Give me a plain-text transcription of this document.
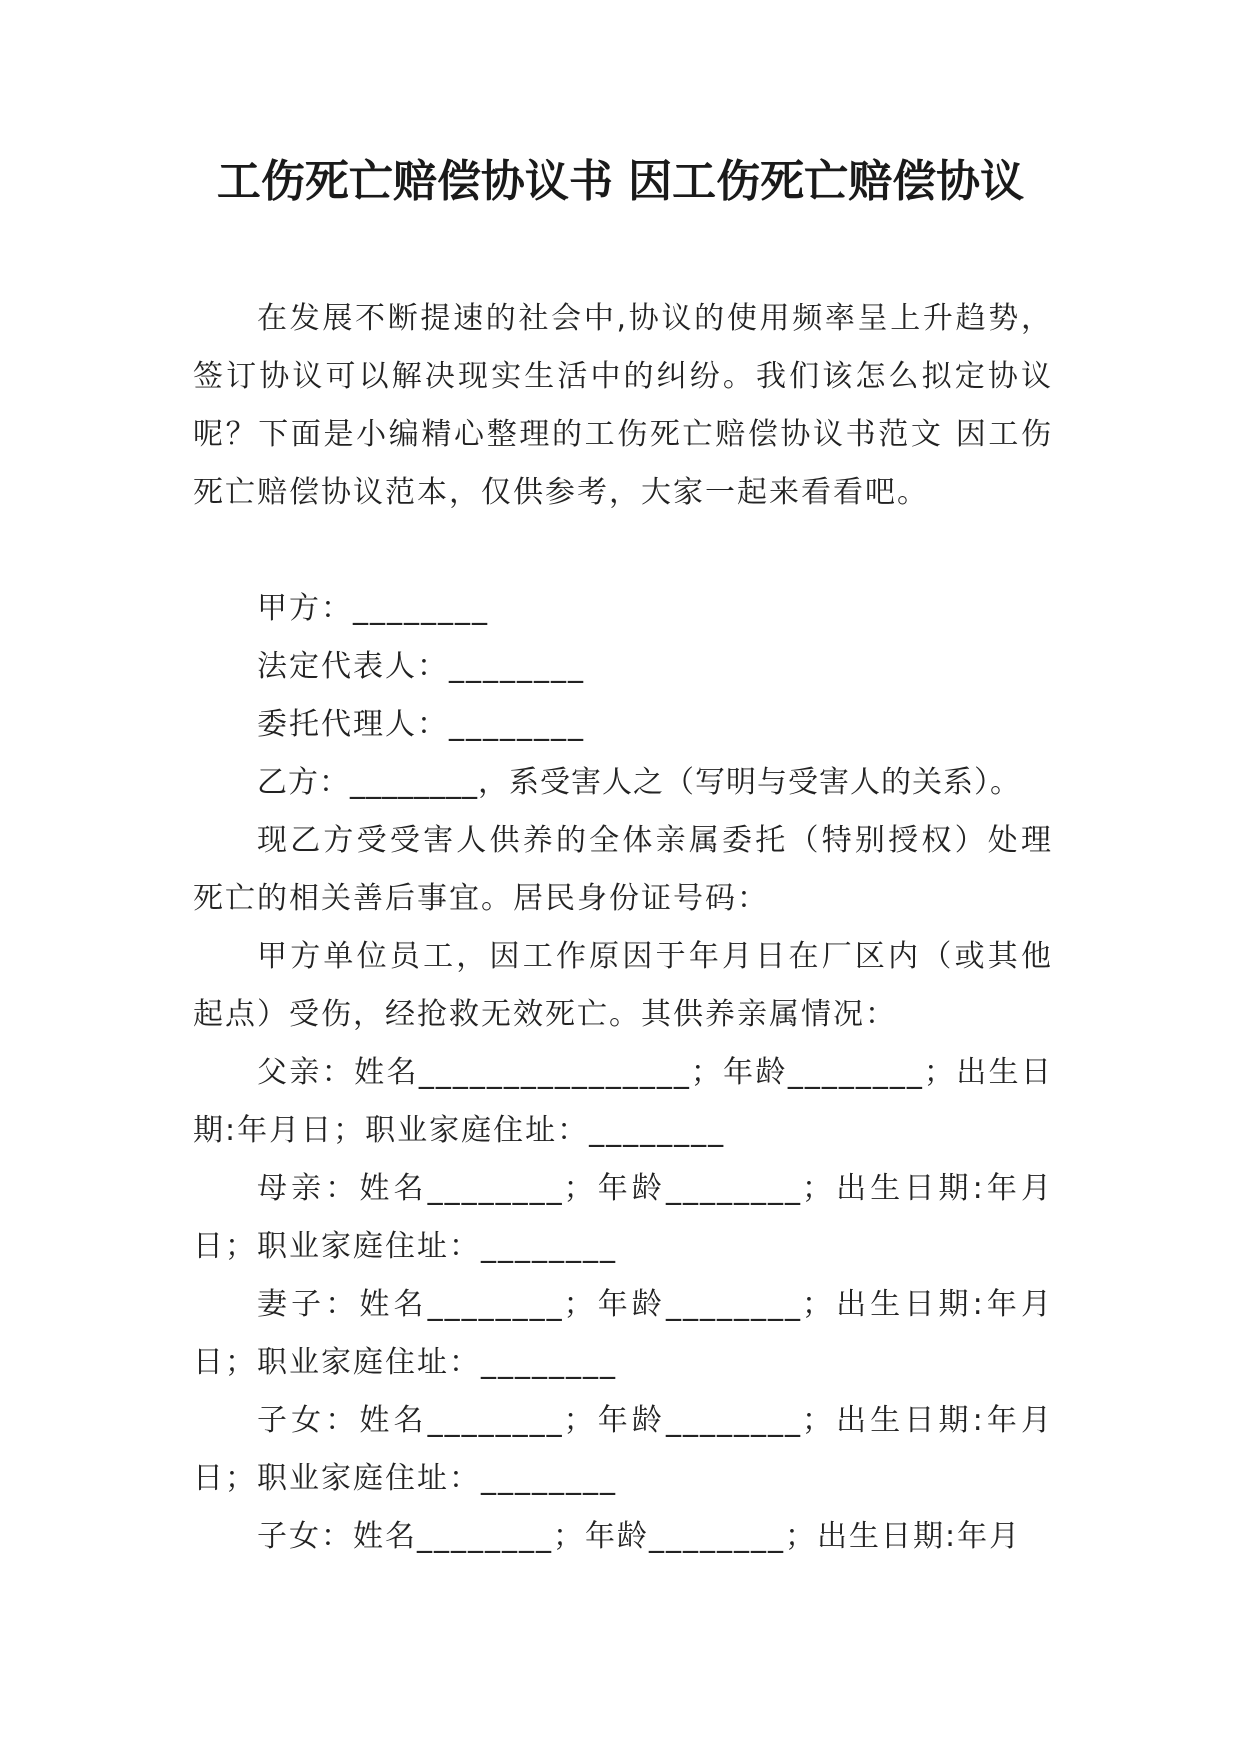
工伤死亡赔偿协议书 因工伤死亡赔偿协议

在发展不断提速的社会中,协议的使用频率呈上升趋势，签订协议可以解决现实生活中的纠纷。我们该怎么拟定协议呢？下面是小编精心整理的工伤死亡赔偿协议书范文 因工伤死亡赔偿协议范本，仅供参考，大家一起来看看吧。

甲方：________

法定代表人：________

委托代理人：________

乙方：________，系受害人之（写明与受害人的关系）。

现乙方受受害人供养的全体亲属委托（特别授权）处理死亡的相关善后事宜。居民身份证号码：

甲方单位员工，因工作原因于年月日在厂区内（或其他起点）受伤，经抢救无效死亡。其供养亲属情况：

父亲：姓名________________；年龄________；出生日期:年月日；职业家庭住址：________

母亲：姓名________；年龄________；出生日期:年月日；职业家庭住址：________

妻子：姓名________；年龄________；出生日期:年月日；职业家庭住址：________

子女：姓名________；年龄________；出生日期:年月日；职业家庭住址：________

子女：姓名________；年龄________；出生日期:年月
